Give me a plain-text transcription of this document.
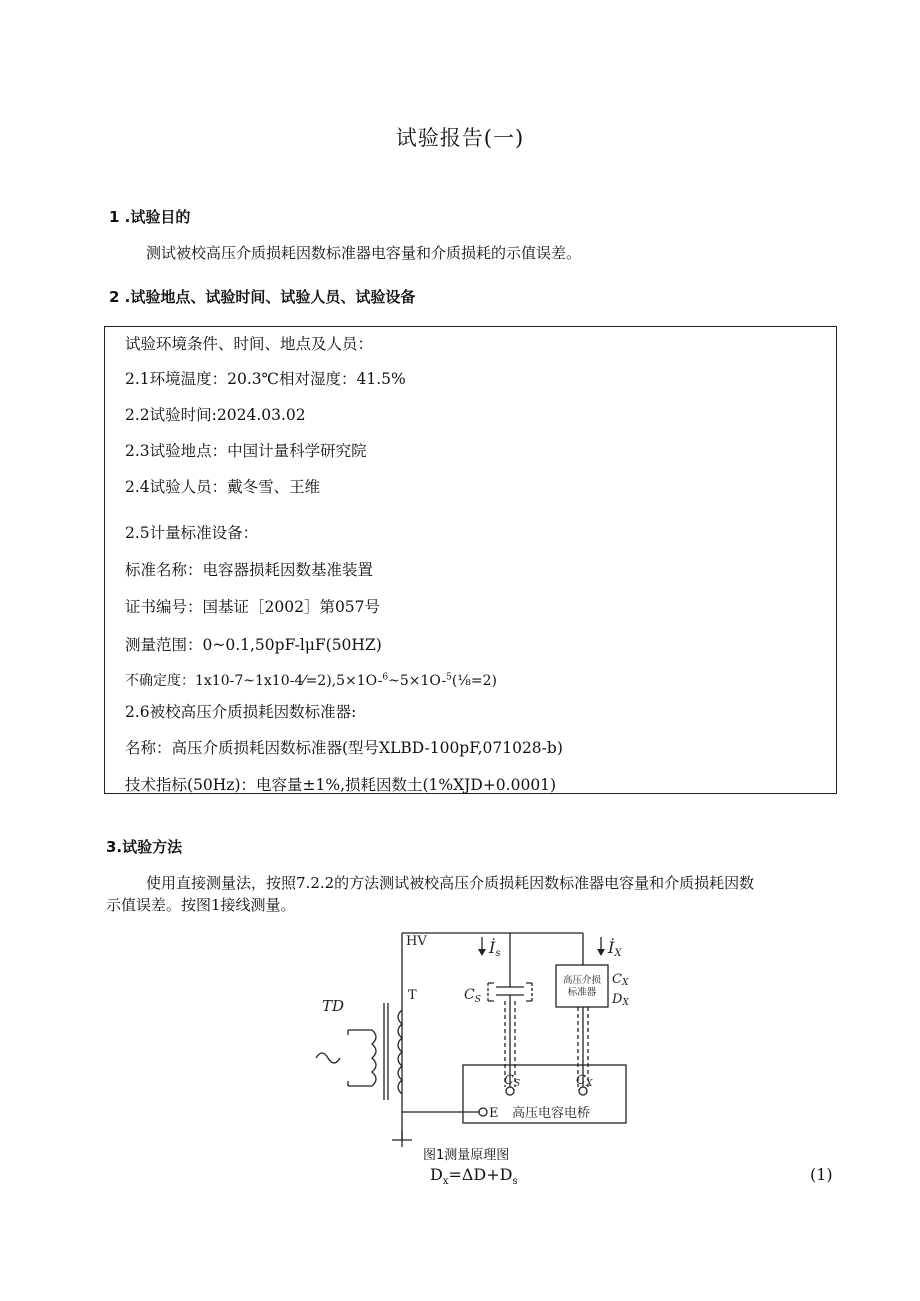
试验报告(一)
1 .试验目的
测试被校高压介质损耗因数标准器电容量和介质损耗的示值误差。
2 .试验地点、试验时间、试验人员、试验设备
试验环境条件、时间、地点及人员：
2.1环境温度：20.3℃相对湿度：41.5%
2.2试验时间:2024.03.02
2.3试验地点：中国计量科学研究院
2.4试验人员：戴冬雪、王维
2.5计量标准设备：
标准名称：电容器损耗因数基准装置
证书编号：国基证［2002］第057号
测量范围：0~0.1,50pF-lμF(50HZ)
不确定度：1x10-7~1x10-4⁄=2),5×1O-$^6$~5×1O-$^5$(⅛=2)
2.6被校高压介质损耗因数标准器:
名称：高压介质损耗因数标准器(型号XLBD-100pF,071028-b)
技术指标(50Hz)：电容量±1%,损耗因数土(1%XJD+0.0001)
3.试验方法
使用直接测量法，按照7.2.2的方法测试被校高压介质损耗因数标准器电容量和介质损耗因数
示值误差。按图1接线测量。
HV	İs	İX
$C_S$
T
TD
高压介损
标准器
CX
DX
CS	CX
E 高压电容电桥
图1测量原理图
$D_x=\Delta D+D_s$	(1)
